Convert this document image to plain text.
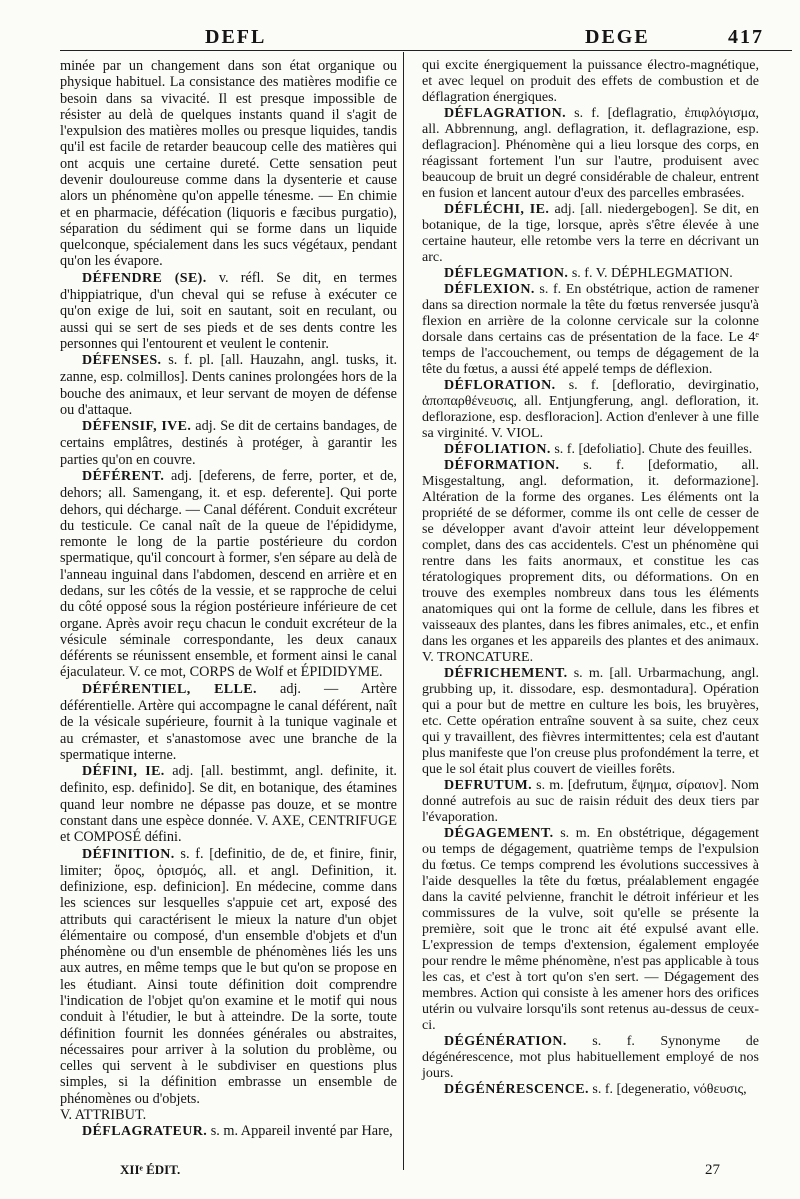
DEFL	DEGE	417

minée par un changement dans son état organique ou physique habituel. La consistance des matières modifie ce besoin dans sa vivacité. Il est presque impossible de résister au delà de quelques instants quand il s'agit de l'expulsion des matières molles ou presque liquides, tandis qu'il est facile de retarder beaucoup celle des matières qui ont acquis une certaine dureté. Cette sensation peut devenir douloureuse comme dans la dysenterie et cause alors un phénomène qu'on appelle ténesme. — En chimie et en pharmacie, défécation (liquoris e fæcibus purgatio), séparation du sédiment qui se forme dans un liquide quelconque, spécialement dans les sucs végétaux, pendant qu'on les évapore.

DÉFENDRE (SE). v. réfl. Se dit, en termes d'hippiatrique, d'un cheval qui se refuse à exécuter ce qu'on exige de lui, soit en sautant, soit en reculant, ou aussi qui se sert de ses pieds et de ses dents contre les personnes qui l'entourent et veulent le contenir.

DÉFENSES. s. f. pl. [all. Hauzahn, angl. tusks, it. zanne, esp. colmillos]. Dents canines prolongées hors de la bouche des animaux, et leur servant de moyen de défense ou d'attaque.

DÉFENSIF, IVE. adj. Se dit de certains bandages, de certains emplâtres, destinés à protéger, à garantir les parties qu'on en couvre.

DÉFÉRENT. adj. [deferens, de ferre, porter, et de, dehors; all. Samengang, it. et esp. deferente]. Qui porte dehors, qui décharge. — Canal déférent. Conduit excréteur du testicule. Ce canal naît de la queue de l'épididyme, remonte le long de la partie postérieure du cordon spermatique, qu'il concourt à former, s'en sépare au delà de l'anneau inguinal dans l'abdomen, descend en arrière et en dedans, sur les côtés de la vessie, et se rapproche de celui du côté opposé sous la région postérieure inférieure de cet organe. Après avoir reçu chacun le conduit excréteur de la vésicule séminale correspondante, les deux canaux déférents se réunissent ensemble, et forment ainsi le canal éjaculateur. V. ce mot, CORPS de Wolf et ÉPIDIDYME.

DÉFÉRENTIEL, ELLE. adj. — Artère déférentielle. Artère qui accompagne le canal déférent, naît de la vésicale supérieure, fournit à la tunique vaginale et au crémaster, et s'anastomose avec une branche de la spermatique interne.

DÉFINI, IE. adj. [all. bestimmt, angl. definite, it. definito, esp. definido]. Se dit, en botanique, des étamines quand leur nombre ne dépasse pas douze, et se montre constant dans une espèce donnée. V. AXE, CENTRIFUGE et COMPOSÉ défini.

DÉFINITION. s. f. [definitio, de de, et finire, finir, limiter; ὅρος, ὁρισμός, all. et angl. Definition, it. definizione, esp. definicion]. En médecine, comme dans les sciences sur lesquelles s'appuie cet art, exposé des attributs qui caractérisent le mieux la nature d'un objet élémentaire ou composé, d'un ensemble d'objets et d'un phénomène ou d'un ensemble de phénomènes liés les uns aux autres, en même temps que le but qu'on se propose en les étudiant. Ainsi toute définition doit comprendre l'indication de l'objet qu'on examine et le motif qui nous conduit à l'étudier, le but à atteindre. De la sorte, toute définition fournit les données générales ou abstraites, nécessaires pour arriver à la solution du problème, ou celles qui servent à le subdiviser en questions plus simples, si la définition embrasse un ensemble de phénomènes ou d'objets.

V. ATTRIBUT.

DÉFLAGRATEUR. s. m. Appareil inventé par Hare,

qui excite énergiquement la puissance électro-magnétique, et avec lequel on produit des effets de combustion et de déflagration énergiques.

DÉFLAGRATION. s. f. [deflagratio, ἐπιφλόγισμα, all. Abbrennung, angl. deflagration, it. deflagrazione, esp. deflagracion]. Phénomène qui a lieu lorsque des corps, en réagissant fortement l'un sur l'autre, produisent avec beaucoup de bruit un degré considérable de chaleur, entrent en fusion et lancent autour d'eux des parcelles embrasées.

DÉFLÉCHI, IE. adj. [all. niedergebogen]. Se dit, en botanique, de la tige, lorsque, après s'être élevée à une certaine hauteur, elle retombe vers la terre en décrivant un arc.

DÉFLEGMATION. s. f. V. DÉPHLEGMATION.

DÉFLEXION. s. f. En obstétrique, action de ramener dans sa direction normale la tête du fœtus renversée jusqu'à flexion en arrière de la colonne cervicale sur la colonne dorsale dans certains cas de présentation de la face. Le 4ᵉ temps de l'accouchement, ou temps de dégagement de la tête du fœtus, a aussi été appelé temps de déflexion.

DÉFLORATION. s. f. [defloratio, devirginatio, ἀποπαρθένευσις, all. Entjungferung, angl. defloration, it. deflorazione, esp. desfloracion]. Action d'enlever à une fille sa virginité. V. VIOL.

DÉFOLIATION. s. f. [defoliatio]. Chute des feuilles.

DÉFORMATION. s. f. [deformatio, all. Misgestaltung, angl. deformation, it. deformazione]. Altération de la forme des organes. Les éléments ont la propriété de se déformer, comme ils ont celle de cesser de se développer avant d'avoir atteint leur développement complet, dans des cas accidentels. C'est un phénomène qui rentre dans les faits anormaux, et constitue les cas tératologiques proprement dits, ou déformations. On en trouve des exemples nombreux dans tous les éléments anatomiques qui ont la forme de cellule, dans les fibres et vaisseaux des plantes, dans les fibres animales, etc., et enfin dans les organes et les appareils des plantes et des animaux. V. TRONCATURE.

DÉFRICHEMENT. s. m. [all. Urbarmachung, angl. grubbing up, it. dissodare, esp. desmontadura]. Opération qui a pour but de mettre en culture les bois, les bruyères, etc. Cette opération entraîne souvent à sa suite, chez ceux qui y travaillent, des fièvres intermittentes; cela est d'autant plus manifeste que l'on creuse plus profondément la terre, et que le sol était plus couvert de vieilles forêts.

DEFRUTUM. s. m. [defrutum, ἕψημα, σίραιον]. Nom donné autrefois au suc de raisin réduit des deux tiers par l'évaporation.

DÉGAGEMENT. s. m. En obstétrique, dégagement ou temps de dégagement, quatrième temps de l'expulsion du fœtus. Ce temps comprend les évolutions successives à l'aide desquelles la tête du fœtus, préalablement engagée dans la cavité pelvienne, franchit le détroit inférieur et les commissures de la vulve, soit qu'elle se présente la première, soit que le tronc ait été expulsé avant elle. L'expression de temps d'extension, également employée pour rendre le même phénomène, n'est pas applicable à tous les cas, et c'est à tort qu'on s'en sert. — Dégagement des membres. Action qui consiste à les amener hors des orifices utérin ou vulvaire lorsqu'ils sont retenus au-dessus de ceux-ci.

DÉGÉNÉRATION. s. f. Synonyme de dégénérescence, mot plus habituellement employé de nos jours.

DÉGÉNÉRESCENCE. s. f. [degeneratio, νόθευσις,

XIIᵉ ÉDIT.	27
